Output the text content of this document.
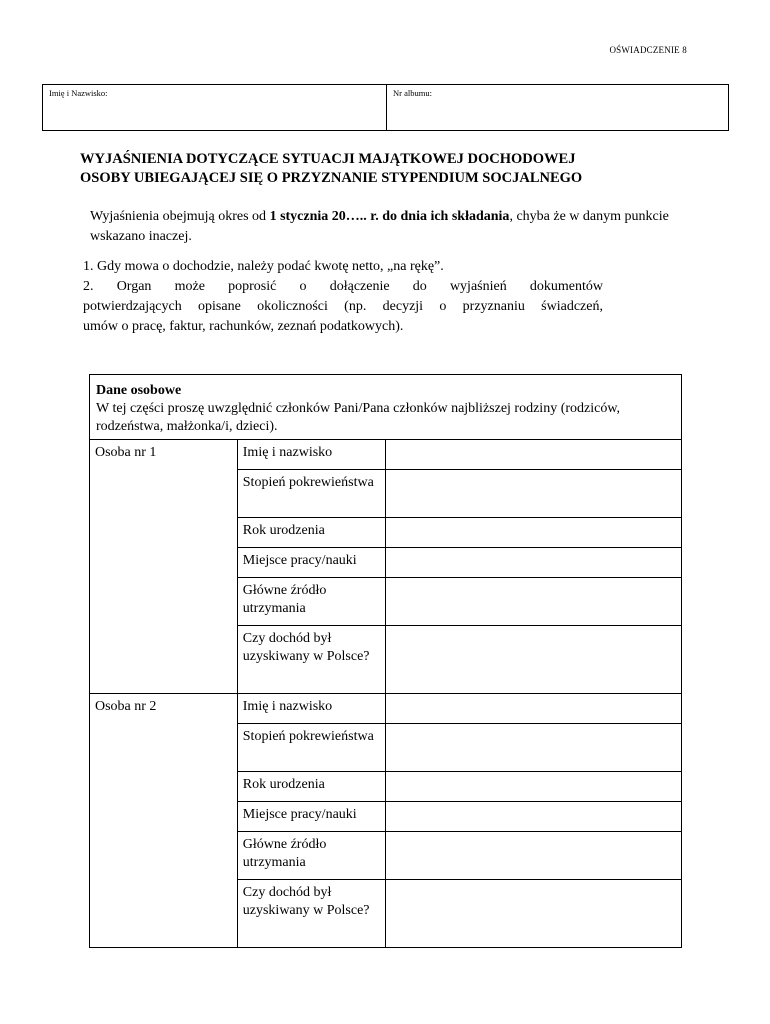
OŚWIADCZENIE 8
Imię i Nazwisko:	Nr albumu:
WYJAŚNIENIA DOTYCZĄCE SYTUACJI MAJĄTKOWEJ DOCHODOWEJ
OSOBY UBIEGAJĄCEJ SIĘ O PRZYZNANIE STYPENDIUM SOCJALNEGO
Wyjaśnienia obejmują okres od 1 stycznia 20….. r. do dnia ich składania, chyba że w danym punkcie wskazano inaczej.

1. Gdy mowa o dochodzie, należy podać kwotę netto, „na rękę”.

2. Organ może poprosić o dołączenie do wyjaśnień dokumentów

potwierdzających opisane okoliczności (np. decyzji o przyznaniu świadczeń,

umów o pracę, faktur, rachunków, zeznań podatkowych).

Dane osobowe
W tej części proszę uwzględnić członków Pani/Pana członków najbliższej rodziny (rodziców, rodzeństwa, małżonka/i, dzieci).		

Osoba nr 1	Imię i nazwisko	
	Stopień pokrewieństwa	
	Rok urodzenia	
	Miejsce pracy/nauki	
	Główne źródło utrzymania	
	Czy dochód był uzyskiwany w Polsce?	
Osoba nr 2	Imię i nazwisko	
	Stopień pokrewieństwa	
	Rok urodzenia	
	Miejsce pracy/nauki	
	Główne źródło utrzymania	
	Czy dochód był uzyskiwany w Polsce?	
